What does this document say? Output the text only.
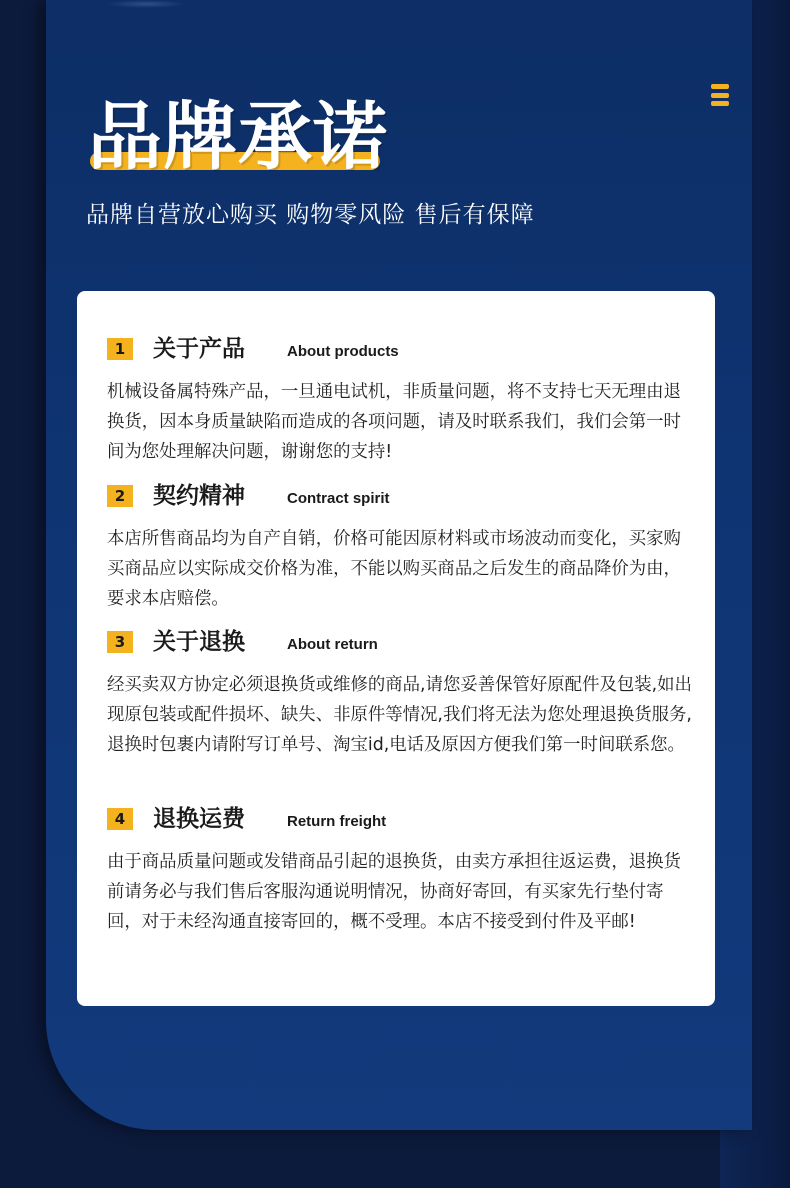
品牌承诺
品牌自营放心购买 购物零风险 售后有保障
1	关于产品	About products
机械设备属特殊产品，一旦通电试机，非质量问题，将不支持七天无理由退换货，因本身质量缺陷而造成的各项问题，请及时联系我们，我们会第一时间为您处理解决问题，谢谢您的支持!
2	契约精神	Contract spirit
本店所售商品均为自产自销，价格可能因原材料或市场波动而变化，买家购买商品应以实际成交价格为准，不能以购买商品之后发生的商品降价为由，要求本店赔偿。
3	关于退换	About return
经买卖双方协定必须退换货或维修的商品,请您妥善保管好原配件及包装,如出现原包装或配件损坏、缺失、非原件等情况,我们将无法为您处理退换货服务,退换时包裹内请附写订单号、淘宝id,电话及原因方便我们第一时间联系您。
4	退换运费	Return freight
由于商品质量问题或发错商品引起的退换货，由卖方承担往返运费，退换货前请务必与我们售后客服沟通说明情况，协商好寄回，有买家先行垫付寄回，对于未经沟通直接寄回的，概不受理。本店不接受到付件及平邮!
